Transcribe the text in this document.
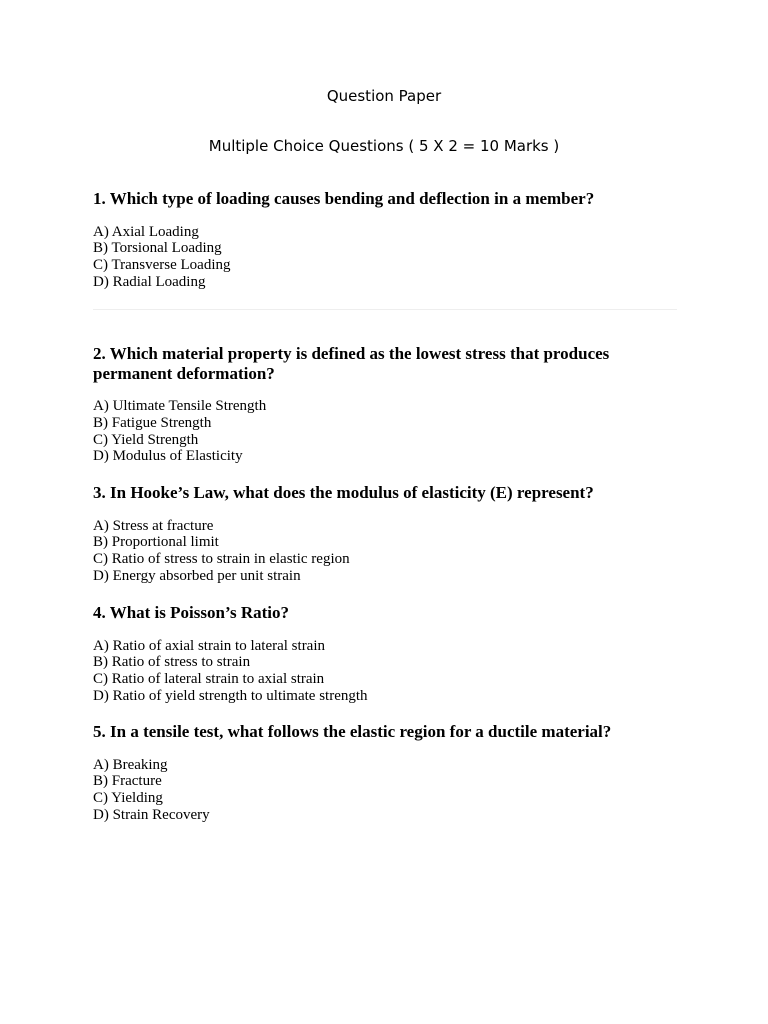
Question Paper
Multiple Choice Questions ( 5 X 2 = 10 Marks )

1. Which type of loading causes bending and deflection in a member?

A) Axial Loading
B) Torsional Loading
C) Transverse Loading
D) Radial Loading

2. Which material property is defined as the lowest stress that produces permanent deformation?

A) Ultimate Tensile Strength
B) Fatigue Strength
C) Yield Strength
D) Modulus of Elasticity

3. In Hooke’s Law, what does the modulus of elasticity (E) represent?

A) Stress at fracture
B) Proportional limit
C) Ratio of stress to strain in elastic region
D) Energy absorbed per unit strain

4. What is Poisson’s Ratio?

A) Ratio of axial strain to lateral strain
B) Ratio of stress to strain
C) Ratio of lateral strain to axial strain
D) Ratio of yield strength to ultimate strength

5. In a tensile test, what follows the elastic region for a ductile material?

A) Breaking
B) Fracture
C) Yielding
D) Strain Recovery
